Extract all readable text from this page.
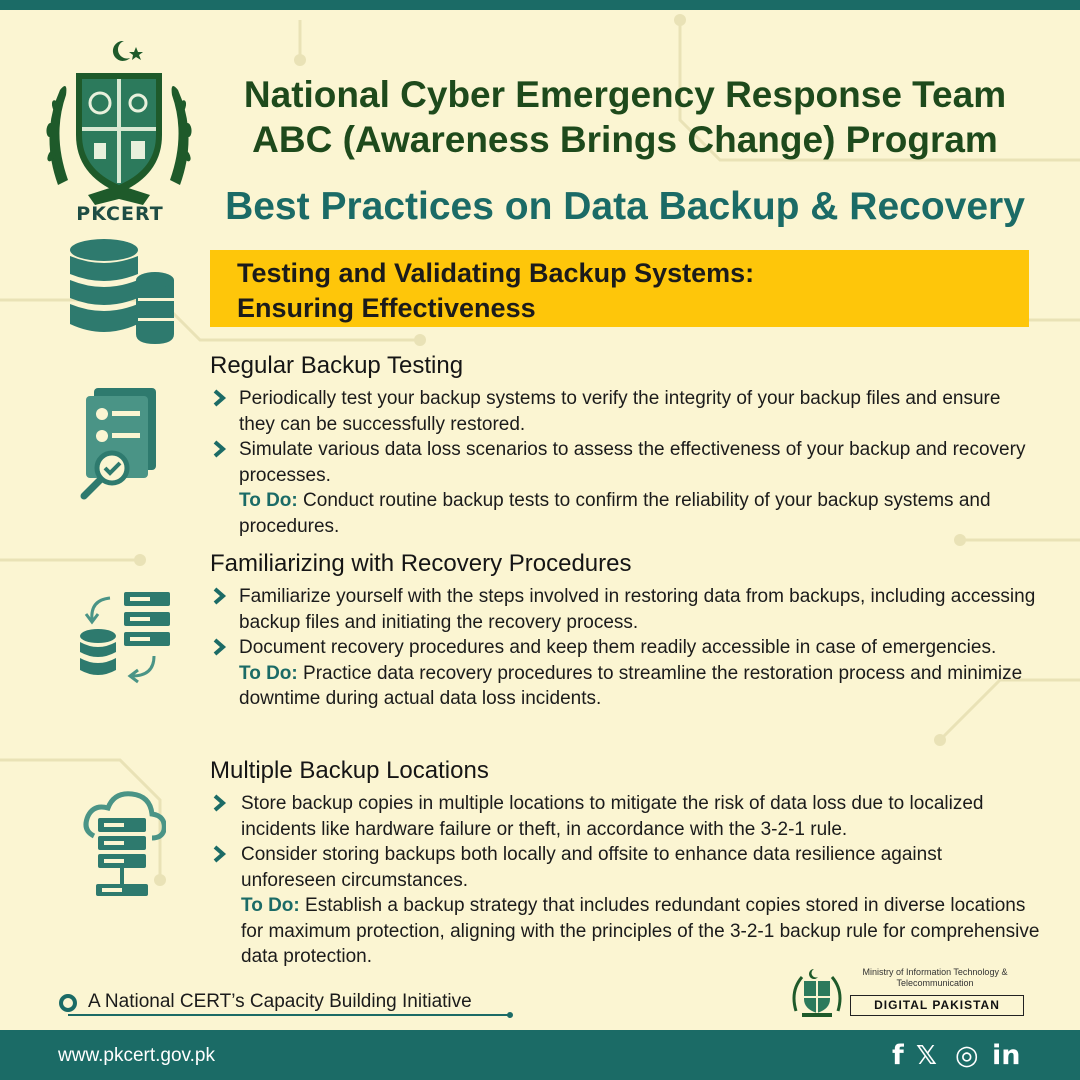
PKCERT
National Cyber Emergency Response Team
ABC (Awareness Brings Change) Program
Best Practices on Data Backup & Recovery
Testing and Validating Backup Systems:
Ensuring Effectiveness
Regular Backup Testing
Periodically test your backup systems to verify the integrity of your backup files and ensure they can be successfully restored.
Simulate various data loss scenarios to assess the effectiveness of your backup and recovery processes.
To Do: Conduct routine backup tests to confirm the reliability of your backup systems and procedures.
Familiarizing with Recovery Procedures
Familiarize yourself with the steps involved in restoring data from backups, including accessing backup files and initiating the recovery process.
Document recovery procedures and keep them readily accessible in case of emergencies.
To Do: Practice data recovery procedures to streamline the restoration process and minimize downtime during actual data loss incidents.
Multiple Backup Locations
Store backup copies in multiple locations to mitigate the risk of data loss due to localized incidents like hardware failure or theft, in accordance with the 3-2-1 rule.
Consider storing backups both locally and offsite to enhance data resilience against unforeseen circumstances.
To Do: Establish a backup strategy that includes redundant copies stored in diverse locations for maximum protection, aligning with the principles of the 3-2-1 backup rule for comprehensive data protection.
A National CERT’s Capacity Building Initiative
Ministry of Information Technology & Telecommunication
DIGITAL PAKISTAN
www.pkcert.gov.pk	f 𝕏 ◎ in
